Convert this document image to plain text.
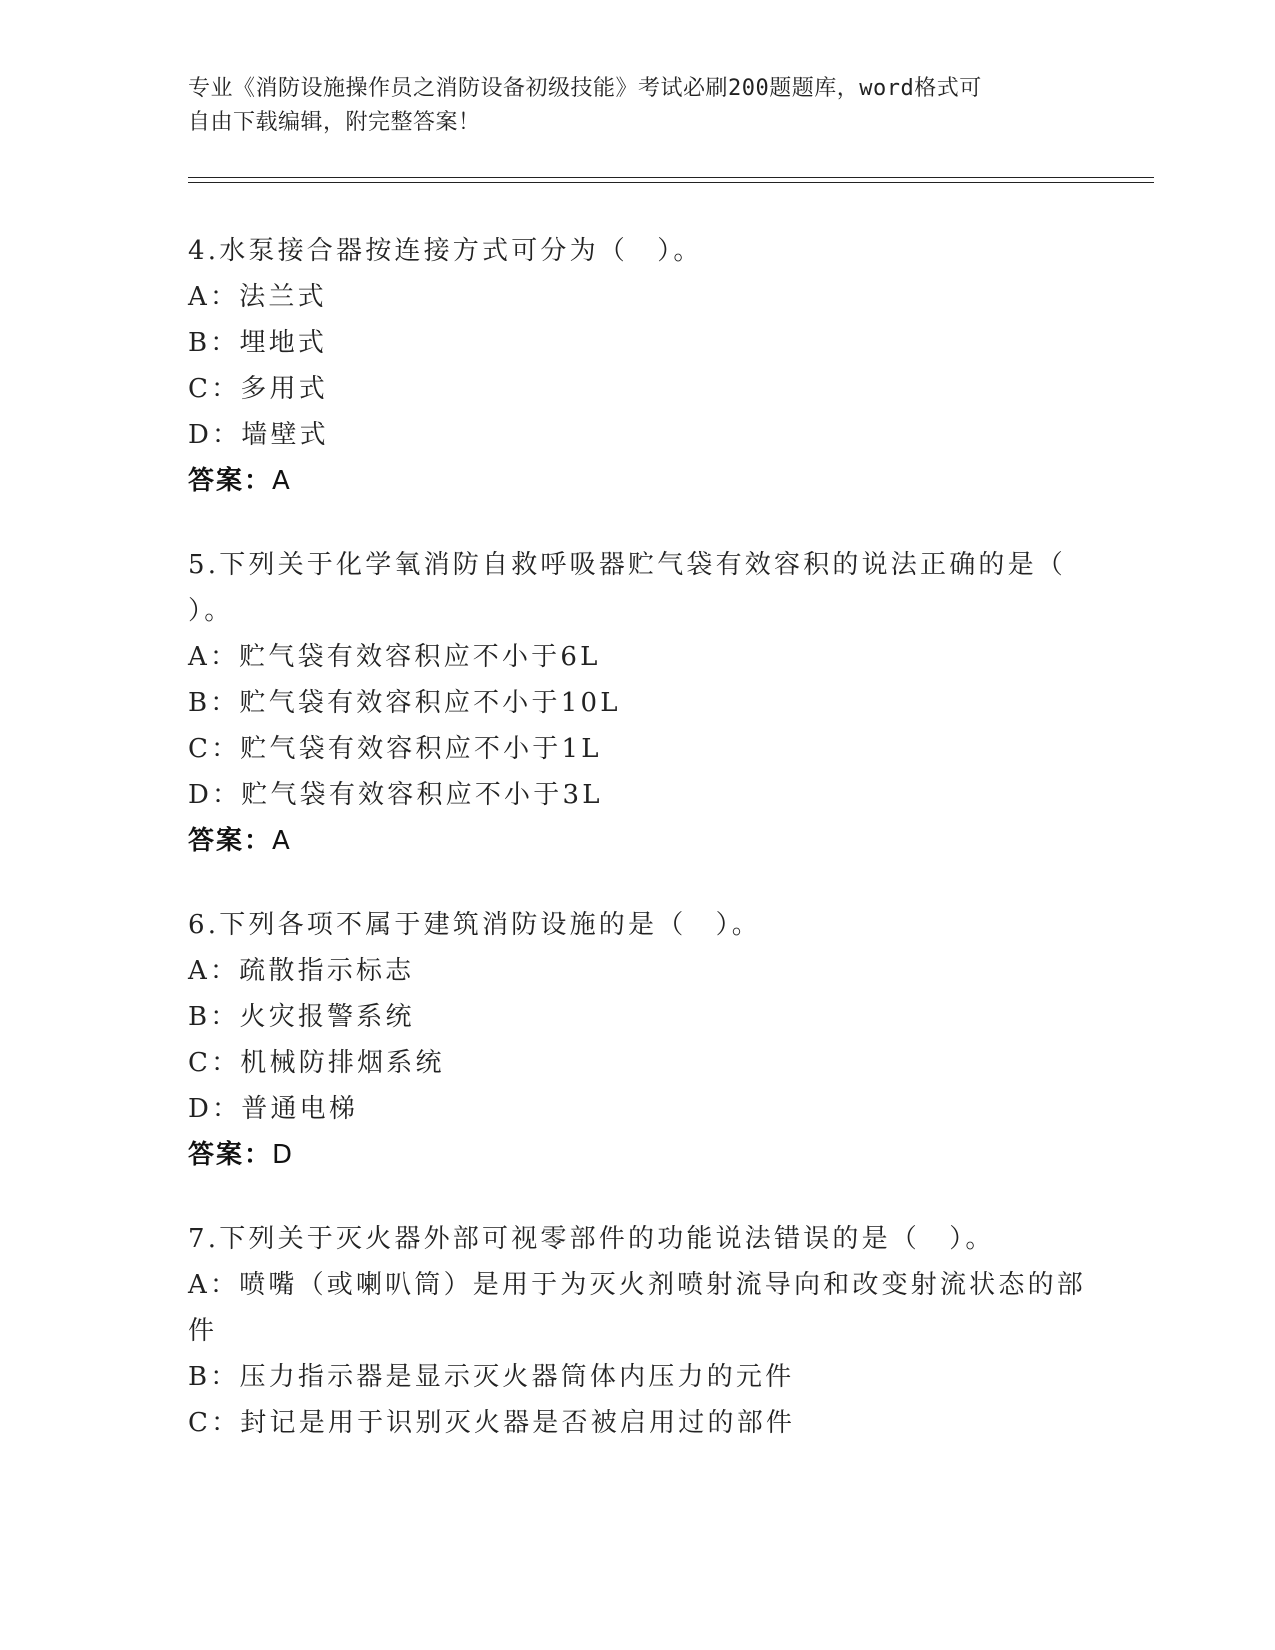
专业《消防设施操作员之消防设备初级技能》考试必刷200题题库，word格式可
自由下载编辑，附完整答案！
4.水泵接合器按连接方式可分为（　）。
A：法兰式
B：埋地式
C：多用式
D：墙壁式
答案：A
5.下列关于化学氧消防自救呼吸器贮气袋有效容积的说法正确的是（
）。
A：贮气袋有效容积应不小于6L
B：贮气袋有效容积应不小于10L
C：贮气袋有效容积应不小于1L
D：贮气袋有效容积应不小于3L
答案：A
6.下列各项不属于建筑消防设施的是（　）。
A：疏散指示标志
B：火灾报警系统
C：机械防排烟系统
D：普通电梯
答案：D
7.下列关于灭火器外部可视零部件的功能说法错误的是（　）。
A：喷嘴（或喇叭筒）是用于为灭火剂喷射流导向和改变射流状态的部
件
B：压力指示器是显示灭火器筒体内压力的元件
C：封记是用于识别灭火器是否被启用过的部件
